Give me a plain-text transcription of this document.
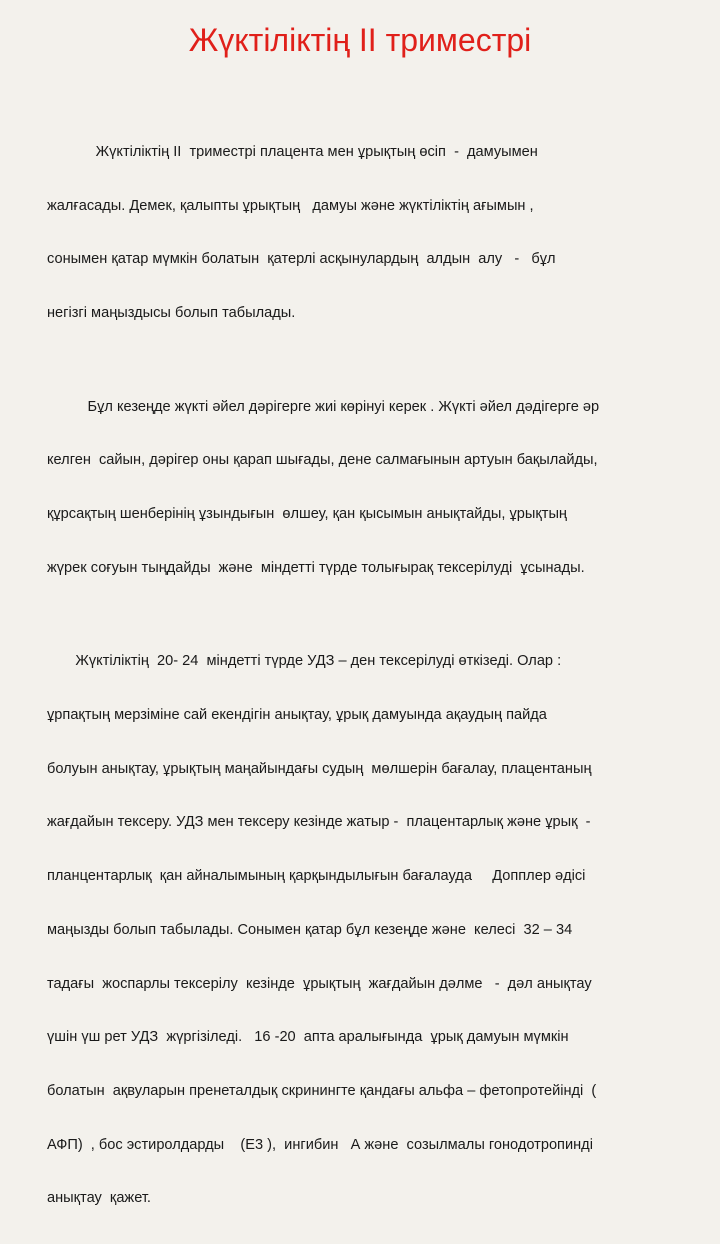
Жүктіліктің II триместрі

Жүктіліктің II  триместрі плацента мен ұрықтың өсіп  -  дамуымен

жалғасады. Демек, қалыпты ұрықтың   дамуы және жүктіліктің ағымын ,

сонымен қатар мүмкін болатын  қатерлі асқынулардың  алдын  алу   -   бұл

негізгі маңыздысы болып табылады.

Бұл кезеңде жүкті әйел дәрігерге жиі көрінуі керек . Жүкті әйел дәдігерге әр

келген  сайын, дәрігер оны қарап шығады, дене салмағынын артуын бақылайды,

құрсақтың шенберінің ұзындығын  өлшеу, қан қысымын анықтайды, ұрықтың

жүрек соғуын тыңдайды  және  міндетті түрде толығырақ тексерілуді  ұсынады.

Жүктіліктің  20- 24  міндетті түрде УДЗ – ден тексерілуді өткізеді. Олар :

ұрпақтың мерзіміне сай екендігін анықтау, ұрық дамуында ақаудың пайда

болуын анықтау, ұрықтың маңайындағы судың  мөлшерін бағалау, плацентаның

жағдайын тексеру. УДЗ мен тексеру кезінде жатыр -  плацентарлық және ұрық  -

планцентарлық  қан айналымының қарқындылығын бағалауда     Допплер әдісі

маңызды болып табылады. Сонымен қатар бұл кезеңде және  келесі  32 – 34

тадағы  жоспарлы тексерілу  кезінде  ұрықтың  жағдайын дәлме   -  дәл анықтау

үшін үш рет УДЗ  жүргізіледі.   16 -20  апта аралығында  ұрық дамуын мүмкін

болатын  ақвуларын пренеталдық скринингте қандағы альфа – фетопротейінді  (

АФП)  , бос эстиролдарды    (Е3 ),  ингибин   А және  созылмалы гонодотропинді

анықтау  қажет.
